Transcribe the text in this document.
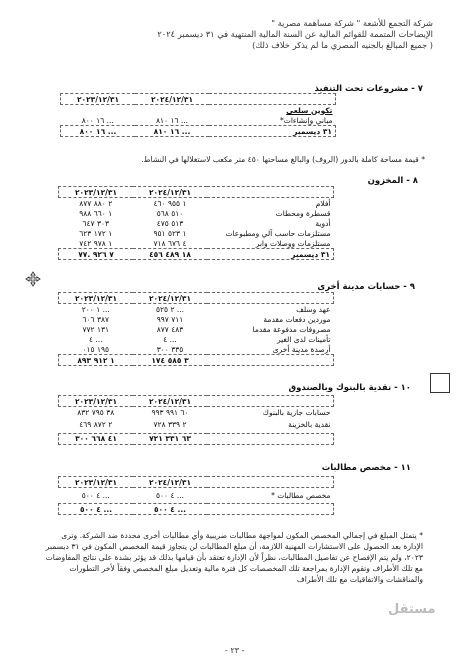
شركة التجمع للأشعة " شركة مساهمة مصرية "
الإيضاحات المتممة للقوائم المالية عن السنة المالية المنتهية في ٣١ ديسمبر ٢٠٢٤
( جميع المبالغ بالجنيه المصري ما لم يذكر خلاف ذلك)
٧ - مشروعات تحت التنفيذ
٢٠٢٣/١٢/٣١	٢٠٢٤/١٢/٣١	
		تكوين سلعي
١٦ ٨٠٠ ...	١٦ ٨١٠ ...	مباني وإنشاءات*
١٦ ٨٠٠ ...	١٦ ٨١٠ ...	٣١ ديسمبر
* قيمة مساحة كاملة بالدور (الروف) والبالغ مساحتها ٤٥٠ متر مكعب لاستغلالها في النشاط.
٨ - المخزون
٢٠٢٣/١٢/٣١	٢٠٢٤/١٢/٣١	
٢ ٨٨٠ ٨٧٧	١ ٩٥٥ ٤٦٠	أفلام
١ ٦٦٠ ٩٨٨	٥١٠ ٥٦٨	قسطرة ومحطات
٣٠٣ ٦٤٧	٥١٣ ٤٧٥	أدوية
١ ١٧٢ ٦٢٣	١ ٥٢٣ ٩٥١	مستلزمات حاسب آلي ومطبوعات
١ ٩٧٨ ٧٤٢	٤ ٦٧٦ ٧١٨	مستلزمات ووصلات وابر
٧ ٩٢٦ .٧٧	١٨ ٤٨٩ ٤٥٦	٣١ ديسمبر
٩ - حسابات مدينة أخرى
٢٠٢٣/١٢/٣١	٢٠٢٤/١٢/٣١	
١ ٢٠٠ ...	٢ ٥٢٥ ...	عهد وسلف
٣٨٧ ٦٠٦	٧١١ ٩٩٧	موردين دفعات مقدمة
١٣١ ٧٧٢	٤٨٣ ٨٧٧	مصروفات مدفوعة مقدما
٤ ...	٤ ...	تأمينات لدى الغير
١٩٥ ٠١٥	٣٣٥ ٣٠٠	أرصدة مدينة أخرى
١ ٩١٢ ٨٩٣	٣ ٥٨٥ ١٧٤	
١٠ - نقدية بالبنوك وبالصندوق
٢٠٢٣/١٢/٣١	٢٠٢٤/١٢/٣١	
٣٨ ٧٩٥ ٨٣٢	٦٠ ٩٩١ ٩٩٣	حسابات جارية بالبنوك
٢ ٨٧٢ ٤٦٩	٢ ٣٣٩ ٧٢٨	نقدية بالخزينة
٤١ ٦٦٨ ٣٠٠	٦٣ ٣٣١ ٧٢١	
١١ - مخصص مطالبات
٢٠٢٣/١٢/٣١	٢٠٢٤/١٢/٣١	
٤ ٥٠٠ ...	٤ ٥٠٠ ...	مخصص مطالبات *
٤ ٥٠٠ ...	٤ ٥٠٠ ...	
* يتمثل المبلغ في إجمالي المخصص المكون لمواجهة مطالبات ضريبية وأي مطالبات أخرى محددة ضد الشركة. وترى الإدارة بعد الحصول على الاستشارات المهنية اللازمة، أن مبلغ المطالبات لن يتجاوز قيمة المخصص المكون في ٣١ ديسمبر ٢٠٢٣، ولم يتم الإفصاح عن تفاصيل المطالبات، نظراً لأن الإدارة تعتقد بأن قيامها بذلك قد يؤثر بشدة على نتائج المفاوضات مع تلك الأطراف وتقوم الإدارة بمراجعة تلك المخصصات كل فترة مالية وتعديل مبلغ المخصص وفقاً لأخر التطورات والمناقشات والاتفاقيات مع تلك الأطراف
مستقل
- ٢٣ -
